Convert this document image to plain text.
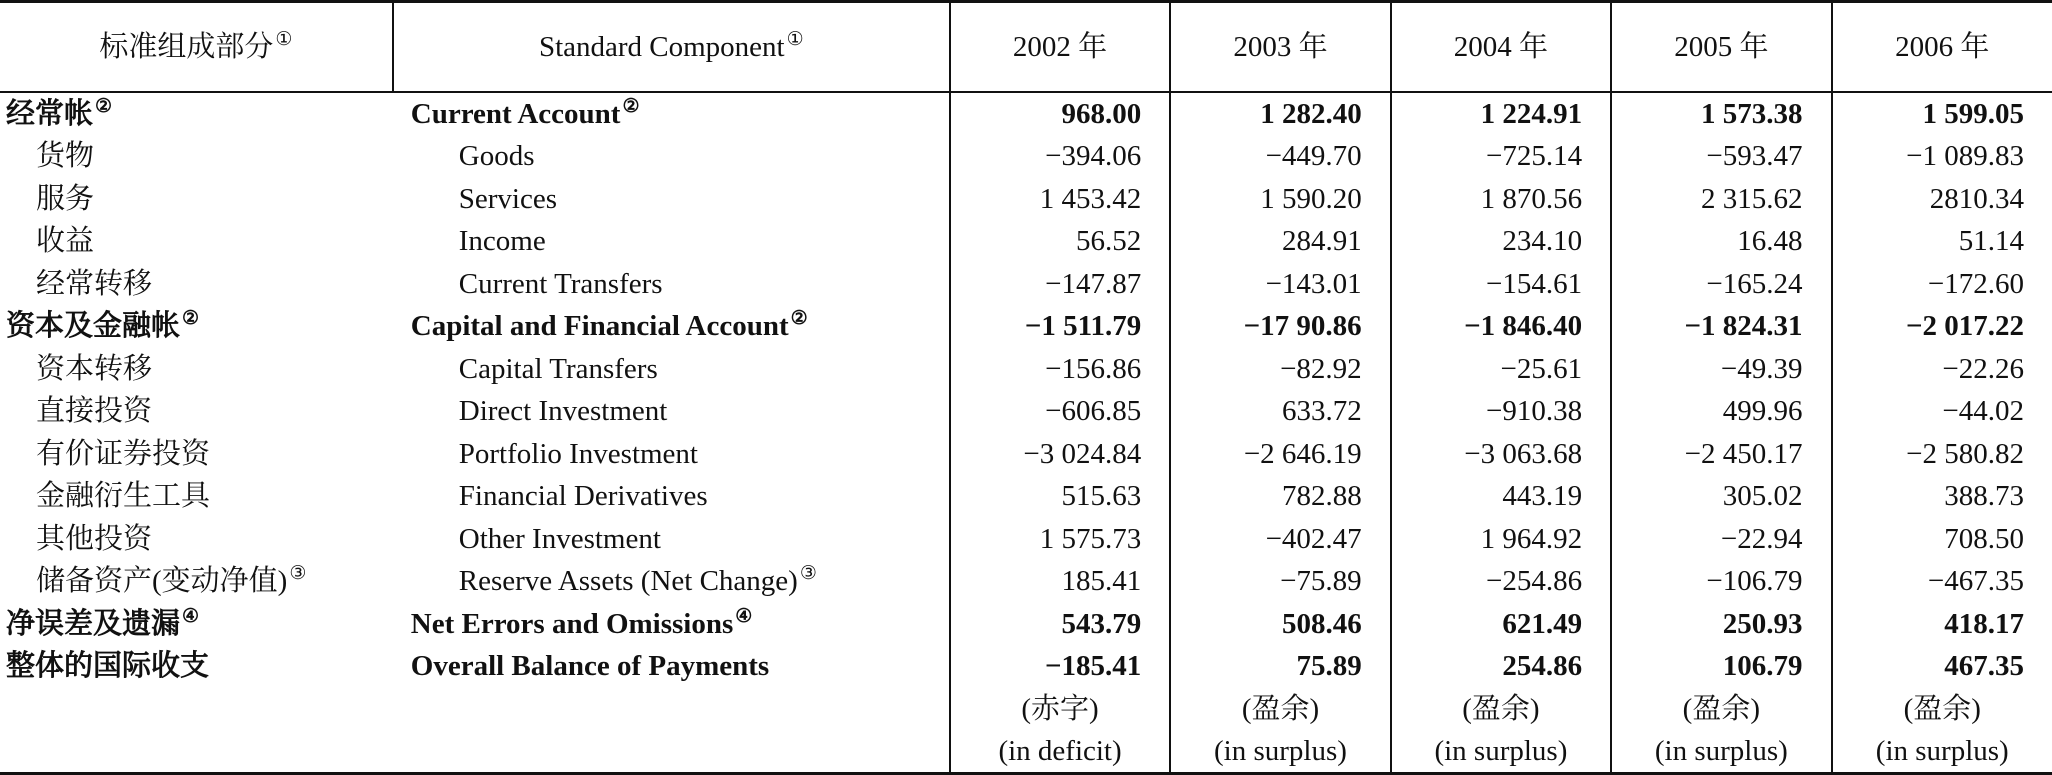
标准组成部分 ①	Standard Component ①	2002 年	2003 年	2004 年	2005 年	2006 年
经常帐 ②	Current Account ②	968.00	1 282.40	1 224.91	1 573.38	1 599.05
货物	Goods	−394.06	−449.70	−725.14	−593.47	−1 089.83
服务	Services	1 453.42	1 590.20	1 870.56	2 315.62	2810.34
收益	Income	56.52	284.91	234.10	16.48	51.14
经常转移	Current Transfers	−147.87	−143.01	−154.61	−165.24	−172.60
资本及金融帐 ②	Capital and Financial Account ②	−1 511.79	−17 90.86	−1 846.40	−1 824.31	−2 017.22
资本转移	Capital Transfers	−156.86	−82.92	−25.61	−49.39	−22.26
直接投资	Direct Investment	−606.85	633.72	−910.38	499.96	−44.02
有价证券投资	Portfolio Investment	−3 024.84	−2 646.19	−3 063.68	−2 450.17	−2 580.82
金融衍生工具	Financial Derivatives	515.63	782.88	443.19	305.02	388.73
其他投资	Other Investment	1 575.73	−402.47	1 964.92	−22.94	708.50
储备资产(变动净值) ③	Reserve Assets (Net Change) ③	185.41	−75.89	−254.86	−106.79	−467.35
净误差及遗漏 ④	Net Errors and Omissions ④	543.79	508.46	621.49	250.93	418.17
整体的国际收支	Overall Balance of Payments	−185.41	75.89	254.86	106.79	467.35
		(赤字)	(盈余)	(盈余)	(盈余)	(盈余)
		(in deficit)	(in surplus)	(in surplus)	(in surplus)	(in surplus)
